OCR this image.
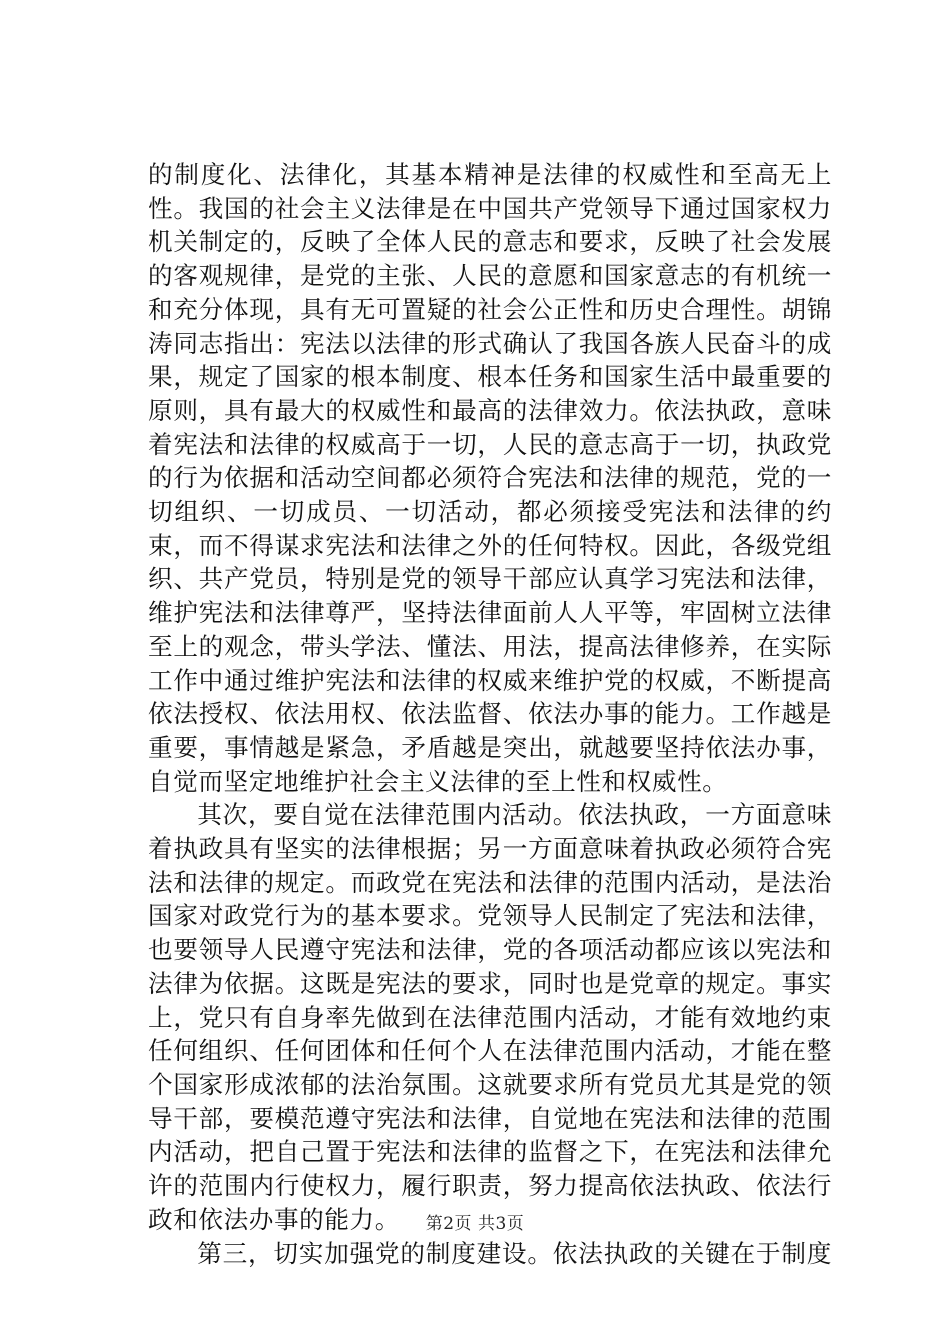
的制度化、法律化，其基本精神是法律的权威性和至高无上性。我国的社会主义法律是在中国共产党领导下通过国家权力机关制定的，反映了全体人民的意志和要求，反映了社会发展的客观规律，是党的主张、人民的意愿和国家意志的有机统一和充分体现，具有无可置疑的社会公正性和历史合理性。胡锦涛同志指出：宪法以法律的形式确认了我国各族人民奋斗的成果，规定了国家的根本制度、根本任务和国家生活中最重要的原则，具有最大的权威性和最高的法律效力。依法执政，意味着宪法和法律的权威高于一切，人民的意志高于一切，执政党的行为依据和活动空间都必须符合宪法和法律的规范，党的一切组织、一切成员、一切活动，都必须接受宪法和法律的约束，而不得谋求宪法和法律之外的任何特权。因此，各级党组织、共产党员，特别是党的领导干部应认真学习宪法和法律，维护宪法和法律尊严，坚持法律面前人人平等，牢固树立法律至上的观念，带头学法、懂法、用法，提高法律修养，在实际工作中通过维护宪法和法律的权威来维护党的权威，不断提高依法授权、依法用权、依法监督、依法办事的能力。工作越是重要，事情越是紧急，矛盾越是突出，就越要坚持依法办事，自觉而坚定地维护社会主义法律的至上性和权威性。

其次，要自觉在法律范围内活动。依法执政，一方面意味着执政具有坚实的法律根据；另一方面意味着执政必须符合宪法和法律的规定。而政党在宪法和法律的范围内活动，是法治国家对政党行为的基本要求。党领导人民制定了宪法和法律，也要领导人民遵守宪法和法律，党的各项活动都应该以宪法和法律为依据。这既是宪法的要求，同时也是党章的规定。事实上，党只有自身率先做到在法律范围内活动，才能有效地约束任何组织、任何团体和任何个人在法律范围内活动，才能在整个国家形成浓郁的法治氛围。这就要求所有党员尤其是党的领导干部，要模范遵守宪法和法律，自觉地在宪法和法律的范围内活动，把自己置于宪法和法律的监督之下，在宪法和法律允许的范围内行使权力，履行职责，努力提高依法执政、依法行政和依法办事的能力。

第三，切实加强党的制度建设。依法执政的关键在于制度

第2页 共3页
